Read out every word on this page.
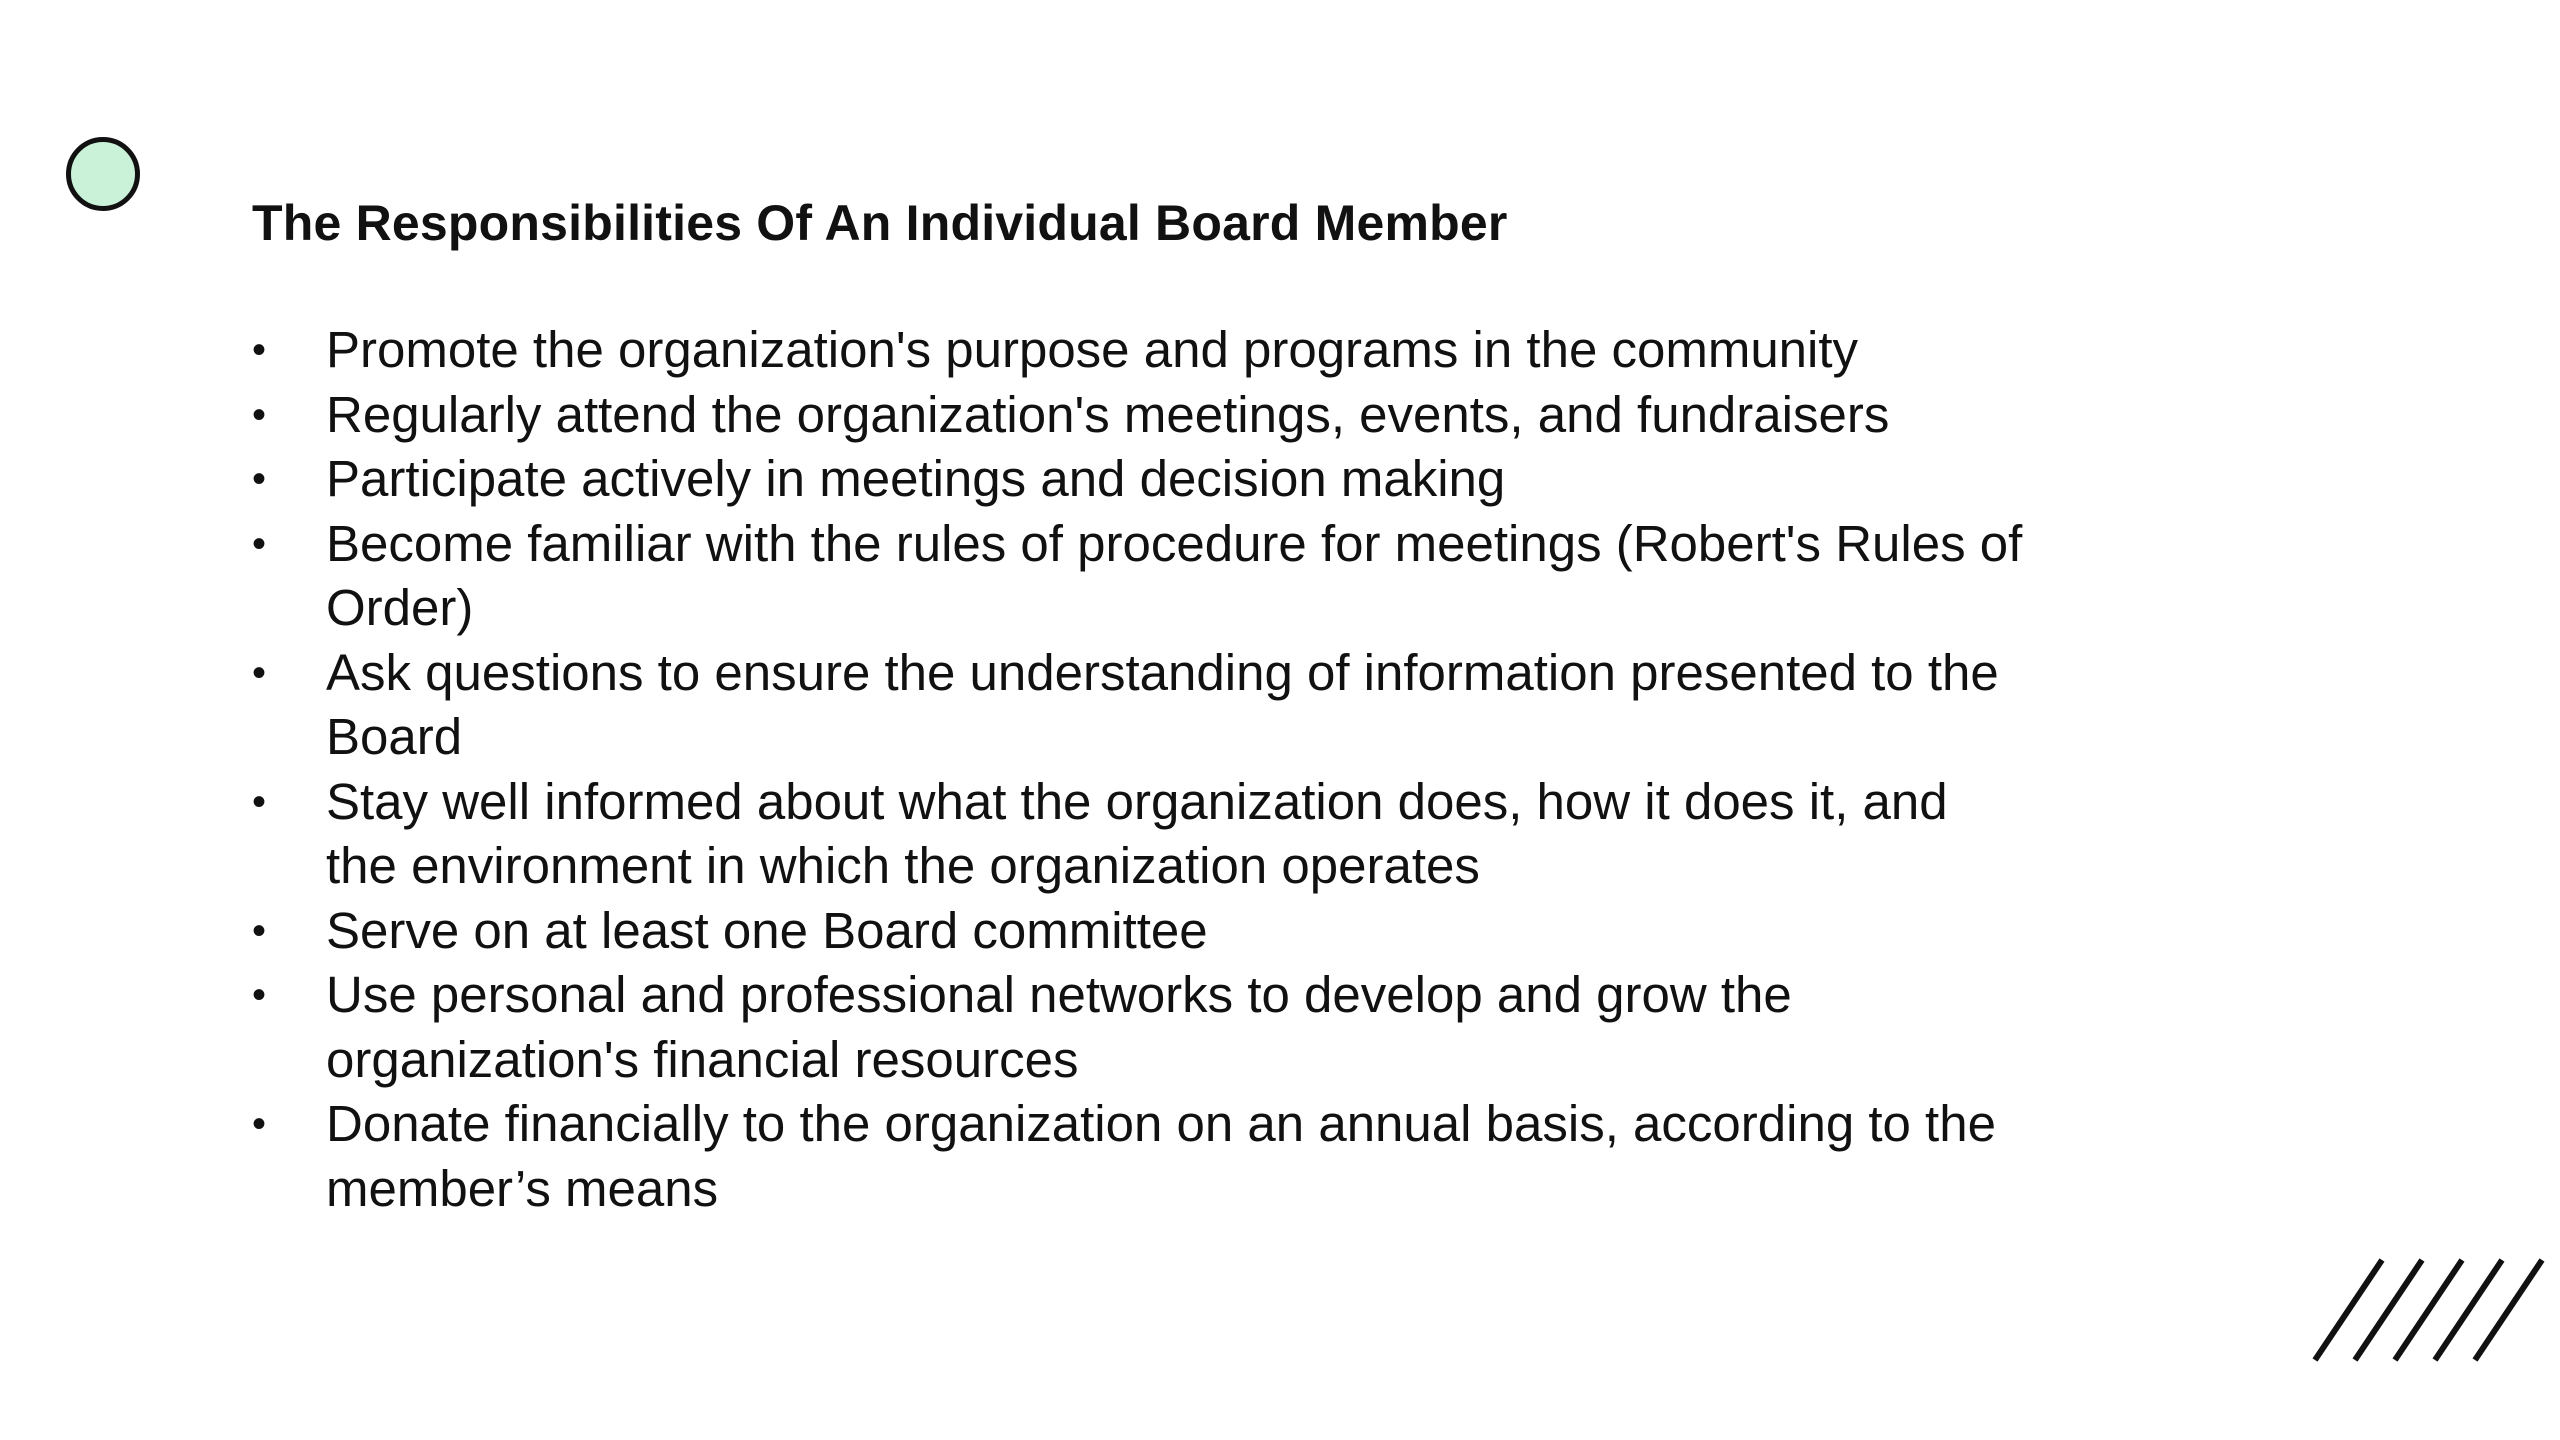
The Responsibilities Of An Individual Board Member
• Promote the organization's purpose and programs in the community
• Regularly attend the organization's meetings, events, and fundraisers
• Participate actively in meetings and decision making
• Become familiar with the rules of procedure for meetings (Robert's Rules of Order)
• Ask questions to ensure the understanding of information presented to the Board
• Stay well informed about what the organization does, how it does it, and the environment in which the organization operates
• Serve on at least one Board committee
• Use personal and professional networks to develop and grow the organization's financial resources
• Donate financially to the organization on an annual basis, according to the member’s means
